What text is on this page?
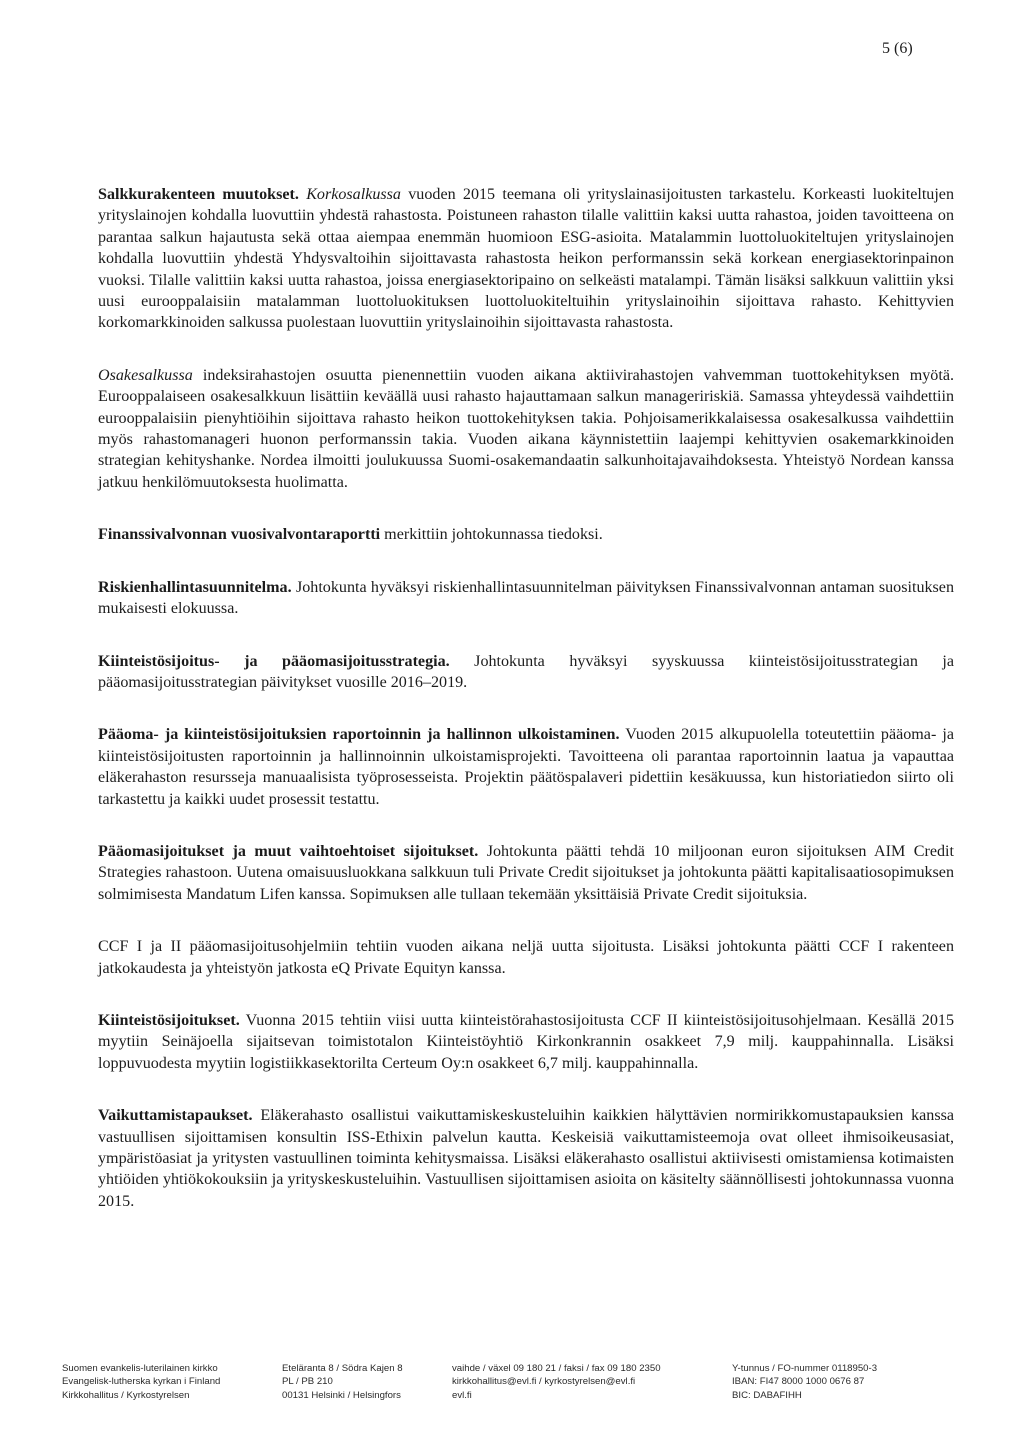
5 (6)

Salkkurakenteen muutokset. Korkosalkussa vuoden 2015 teemana oli yrityslainasijoitusten tarkastelu. Korkeasti luokiteltujen yrityslainojen kohdalla luovuttiin yhdestä rahastosta. Poistuneen rahaston tilalle valittiin kaksi uutta rahastoa, joiden tavoitteena on parantaa salkun hajautusta sekä ottaa aiempaa enemmän huomioon ESG-asioita. Matalammin luottoluokiteltujen yrityslainojen kohdalla luovuttiin yhdestä Yhdysvaltoihin sijoittavasta rahastosta heikon performanssin sekä korkean energiasektorinpainon vuoksi. Tilalle valittiin kaksi uutta rahastoa, joissa energiasektoripaino on selkeästi matalampi. Tämän lisäksi salkkuun valittiin yksi uusi eurooppalaisiin matalamman luottoluokituksen luottoluokiteltuihin yrityslainoihin sijoittava rahasto. Kehittyvien korkomarkkinoiden salkussa puolestaan luovuttiin yrityslainoihin sijoittavasta rahastosta.

Osakesalkussa indeksirahastojen osuutta pienennettiin vuoden aikana aktiivirahastojen vahvemman tuottokehityksen myötä. Eurooppalaiseen osakesalkkuun lisättiin keväällä uusi rahasto hajauttamaan salkun manageririskiä. Samassa yhteydessä vaihdettiin eurooppalaisiin pienyhtiöihin sijoittava rahasto heikon tuottokehityksen takia. Pohjoisamerikkalaisessa osakesalkussa vaihdettiin myös rahastomanageri huonon performanssin takia. Vuoden aikana käynnistettiin laajempi kehittyvien osakemarkkinoiden strategian kehityshanke. Nordea ilmoitti joulukuussa Suomi-osakemandaatin salkunhoitajavaihdoksesta. Yhteistyö Nordean kanssa jatkuu henkilömuutoksesta huolimatta.

Finanssivalvonnan vuosivalvontaraportti merkittiin johtokunnassa tiedoksi.

Riskienhallintasuunnitelma. Johtokunta hyväksyi riskienhallintasuunnitelman päivityksen Finanssivalvonnan antaman suosituksen mukaisesti elokuussa.

Kiinteistösijoitus- ja pääomasijoitusstrategia. Johtokunta hyväksyi syyskuussa kiinteistösijoitusstrategian ja pääomasijoitusstrategian päivitykset vuosille 2016–2019.

Pääoma- ja kiinteistösijoituksien raportoinnin ja hallinnon ulkoistaminen. Vuoden 2015 alkupuolella toteutettiin pääoma- ja kiinteistösijoitusten raportoinnin ja hallinnoinnin ulkoistamisprojekti. Tavoitteena oli parantaa raportoinnin laatua ja vapauttaa eläkerahaston resursseja manuaalisista työprosesseista. Projektin päätöspalaveri pidettiin kesäkuussa, kun historiatiedon siirto oli tarkastettu ja kaikki uudet prosessit testattu.

Pääomasijoitukset ja muut vaihtoehtoiset sijoitukset. Johtokunta päätti tehdä 10 miljoonan euron sijoituksen AIM Credit Strategies rahastoon. Uutena omaisuusluokkana salkkuun tuli Private Credit sijoitukset ja johtokunta päätti kapitalisaatiosopimuksen solmimisesta Mandatum Lifen kanssa. Sopimuksen alle tullaan tekemään yksittäisiä Private Credit sijoituksia.

CCF I ja II pääomasijoitusohjelmiin tehtiin vuoden aikana neljä uutta sijoitusta. Lisäksi johtokunta päätti CCF I rakenteen jatkokaudesta ja yhteistyön jatkosta eQ Private Equityn kanssa.

Kiinteistösijoitukset. Vuonna 2015 tehtiin viisi uutta kiinteistörahastosijoitusta CCF II kiinteistösijoitusohjelmaan. Kesällä 2015 myytiin Seinäjoella sijaitsevan toimistotalon Kiinteistöyhtiö Kirkonkrannin osakkeet 7,9 milj. kauppahinnalla. Lisäksi loppuvuodesta myytiin logistiikkasektorilta Certeum Oy:n osakkeet 6,7 milj. kauppahinnalla.

Vaikuttamistapaukset. Eläkerahasto osallistui vaikuttamiskeskusteluihin kaikkien hälyttävien normirikkomustapauksien kanssa vastuullisen sijoittamisen konsultin ISS-Ethixin palvelun kautta. Keskeisiä vaikuttamisteemoja ovat olleet ihmisoikeusasiat, ympäristöasiat ja yritysten vastuullinen toiminta kehitysmaissa. Lisäksi eläkerahasto osallistui aktiivisesti omistamiensa kotimaisten yhtiöiden yhtiökokouksiin ja yrityskeskusteluihin. Vastuullisen sijoittamisen asioita on käsitelty säännöllisesti johtokunnassa vuonna 2015.

Suomen evankelis-luterilainen kirkko
Evangelisk-lutherska kyrkan i Finland
Kirkkohallitus / Kyrkostyrelsen
Eteläranta 8 / Södra Kajen 8
PL / PB 210
00131 Helsinki / Helsingfors
vaihde / växel 09 180 21 / faksi / fax 09 180 2350
kirkkohallitus@evl.fi / kyrkostyrelsen@evl.fi
evl.fi
Y-tunnus / FO-nummer 0118950-3
IBAN: FI47 8000 1000 0676 87
BIC: DABAFIHH
